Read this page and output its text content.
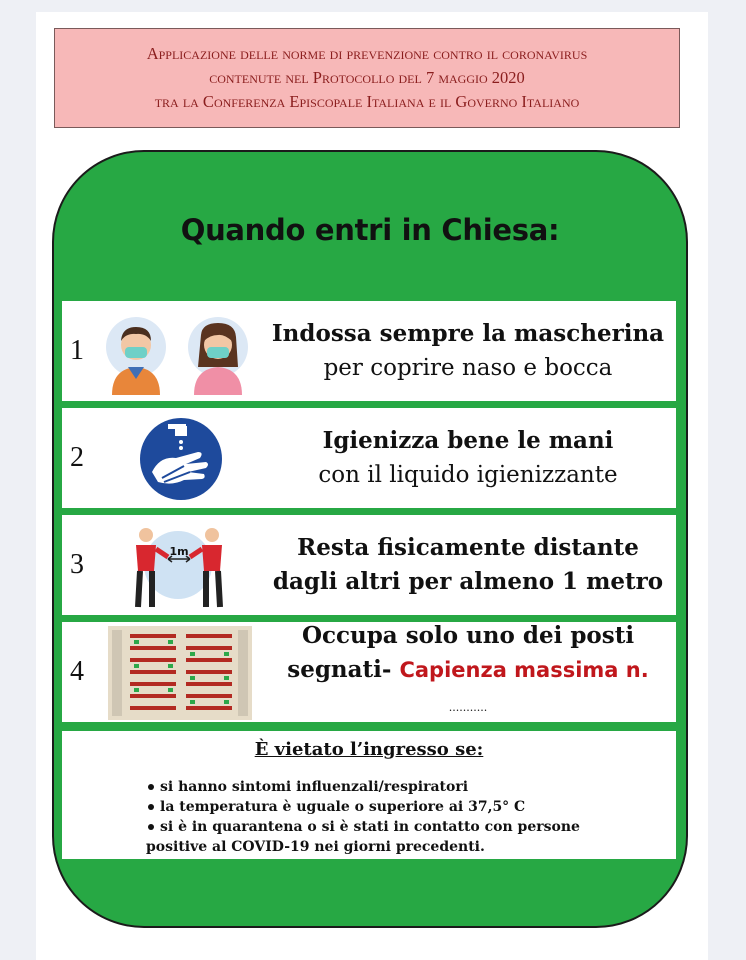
Applicazione delle norme di prevenzione contro il coronavirus
contenute nel Protocollo del 7 maggio 2020
tra la Conferenza Episcopale Italiana e il Governo Italiano
Quando entri in Chiesa:
1
Indossa sempre la mascherina
per coprire naso e bocca
2
Igienizza bene le mani
con il liquido igienizzante
3	1m	Resta fisicamente distante
dagli altri per almeno 1 metro
4
Occupa solo uno dei posti
segnati- Capienza massima n. ...........
È vietato l’ingresso se:
si hanno sintomi influenzali/respiratori
la temperatura è uguale o superiore ai 37,5° C
si è in quarantena o si è stati in contatto con persone
positive al COVID-19 nei giorni precedenti.
